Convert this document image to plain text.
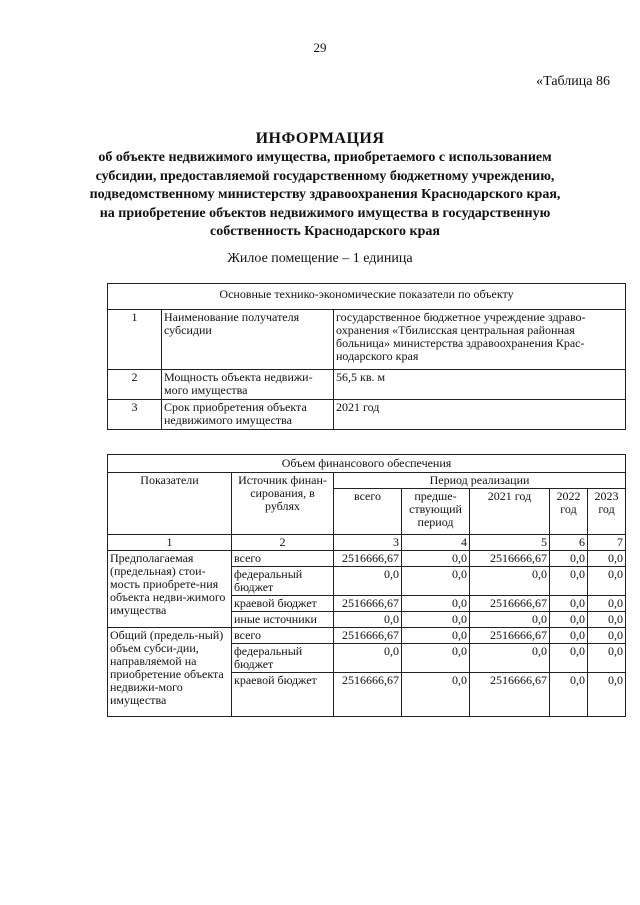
29
«Таблица 86
ИНФОРМАЦИЯ
об объекте недвижимого имущества, приобретаемого с использованием
субсидии, предоставляемой государственному бюджетному учреждению,
подведомственному министерству здравоохранения Краснодарского края,
на приобретение объектов недвижимого имущества в государственную
собственность Краснодарского края
Жилое помещение – 1 единица
Основные технико-экономические показатели по объекту		
1	Наименование получателя субсидии	государственное бюджетное учреждение здраво-охранения «Тбилисская центральная районная больница» министерства здравоохранения Крас-нодарского края
2	Мощность объекта недвижи-мого имущества	56,5 кв. м
3	Срок приобретения объекта недвижимого имущества	2021 год
Объем финансового обеспечения						
Показатели	Источник финан-сирования, в рублях	Период реализации				
		всего	предше-ствующий период	2021 год	2022 год	2023 год
1	2	3	4	5	6	7
Предполагаемая (предельная) стои-мость приобрете-ния объекта недви-жимого имущества	всего	2516666,67	0,0	2516666,67	0,0	0,0
	федеральный бюджет	0,0	0,0	0,0	0,0	0,0
	краевой бюджет	2516666,67	0,0	2516666,67	0,0	0,0
	иные источники	0,0	0,0	0,0	0,0	0,0
Общий (предель-ный) объем субси-дии, направляемой на приобретение объекта недвижи-мого имущества	всего	2516666,67	0,0	2516666,67	0,0	0,0
	федеральный бюджет	0,0	0,0	0,0	0,0	0,0
	краевой бюджет	2516666,67	0,0	2516666,67	0,0	0,0
